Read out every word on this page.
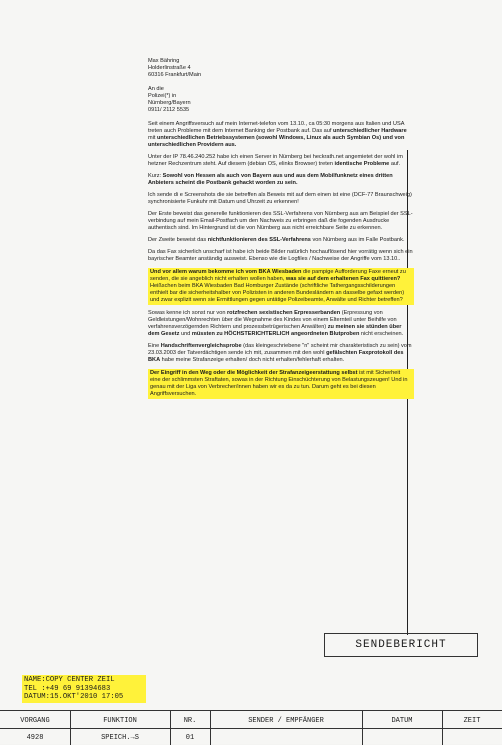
Max Bähring

Holderlinstraße 4

60316 Frankfurt/Main

An die

Polizei(*) in

Nürnberg/Bayern

0911/ 2112 5535

Seit einem Angriffsversuch auf mein Internet-telefon vom 13.10., ca 05:30 morgens aus Italien und USA treten auch Probleme mit dem Internet Banking der Postbank auf. Das auf unterschiedlicher Hardware mit unterschiedlichen Betriebssystemen (sowohl Windows, Linux als auch Symbian Os) und von unterschiedlichen Providern aus.

Unter der IP 78.46.240.252 habe ich einen Server in Nürnberg bei heckrath.net angemietet der wohl im hetzner Rechzentrum steht. Auf diesem (debian OS, elinks Browser) treten identische Probleme auf.

Kurz: Sowohl von Hessen als auch von Bayern aus und aus dem Mobilfunknetz eines dritten Anbieters scheint die Postbank gehackt worden zu sein.

Ich sende di e Screenshots die sie betreffen als Beweis mit auf dem einen ist eine (DCF-77 Braunschweig) synchronisierte Funkuhr mit Datum und Uhrzeit zu erkennen!

Der Erste beweist das generelle funktionieren des SSL-Verfahrens von Nürnberg aus am Beispiel der SSL-verbindung auf mein Email-Postfach um den Nachweis zu erbringen daß die fogenden Ausdrucke authentisch sind. Im Hintergrund ist die von Nürnberg aus nicht erreichbare Seite zu erkennen.

Der Zweite beweist das nichtfunktionieren des SSL-Verfahrens von Nürnberg aus im Falle Postbank.

Da das Fax sicherlich unscharf ist habe ich beide Bilder natürlich hochauflösend hier vorrätig wenn sich ein bayrischer Beamter anständig ausweist. Ebenso wie die Logfiles / Nachweise der Angriffe vom 13.10..

Und vor allem warum bekomme ich vom BKA Wiesbaden die pampige Aufforderung Faxe erneut zu senden, die sie angeblich nicht erhalten wollen haben, was sie auf dem erhaltenen Fax quittieren? Heißschen beim BKA Wiesbaden Bad Homburger Zustände (schriftliche Tathergangsschilderungen enthielt bar die sicherheitshalber von Polizisten in anderen Bundesländern an dasselbe gefaxt werden) und zwar explizit wenn sie Ermittlungen gegen untätige Polizeibeamte, Anwälte und Richter betreffen?

Sowas kenne ich sonst nur von rotzfrechen sexistischen Erpresserbanden (Erpressung von Geldleistungen/Wohnrechten über die Wegnahme des Kindes von einem Elternteil unter Beihilfe von verfahrensverzögernden Richtern und prozessbetrügerischen Anwälten) zu meinen sie stünden über dem Gesetz und müssten zu HÖCHSTERICHTERLICH angeordneten Blutproben nicht erscheinen.

Eine Handschriftenvergleichsprobe (das kleingeschriebene "n" scheint mir charakteristisch zu sein) vom 23.03.2003 der Tatverdächtigen sende ich mit, zusammen mit den wohl gefälschten Faxprotokoll des BKA habe meine Strafanzeige erhalten/ doch nicht erhalten/fehlerhaft erhalten.

Der Eingriff in den Weg oder die Möglichkeit der Strafanzeigeerstattung selbst ist mit Sicherheit eine der schlimmsten Straftaten, sowas in der Richtung Einschüchterung von Belastungszeugen! Und in genau mit der Liga von Verbrecher/innen haben wir es da zu tun. Darum geht es bei diesen Angriffsversuchen.

SENDEBERICHT
NAME:COPY CENTER ZEIL
TEL :+49 69 91394683
DATUM:15.OKT'2010 17:05
VORGANG	FUNKTION	NR.	SENDER / EMPFÄNGER	DATUM	ZEIT
4928	SPEICH.→S	01
